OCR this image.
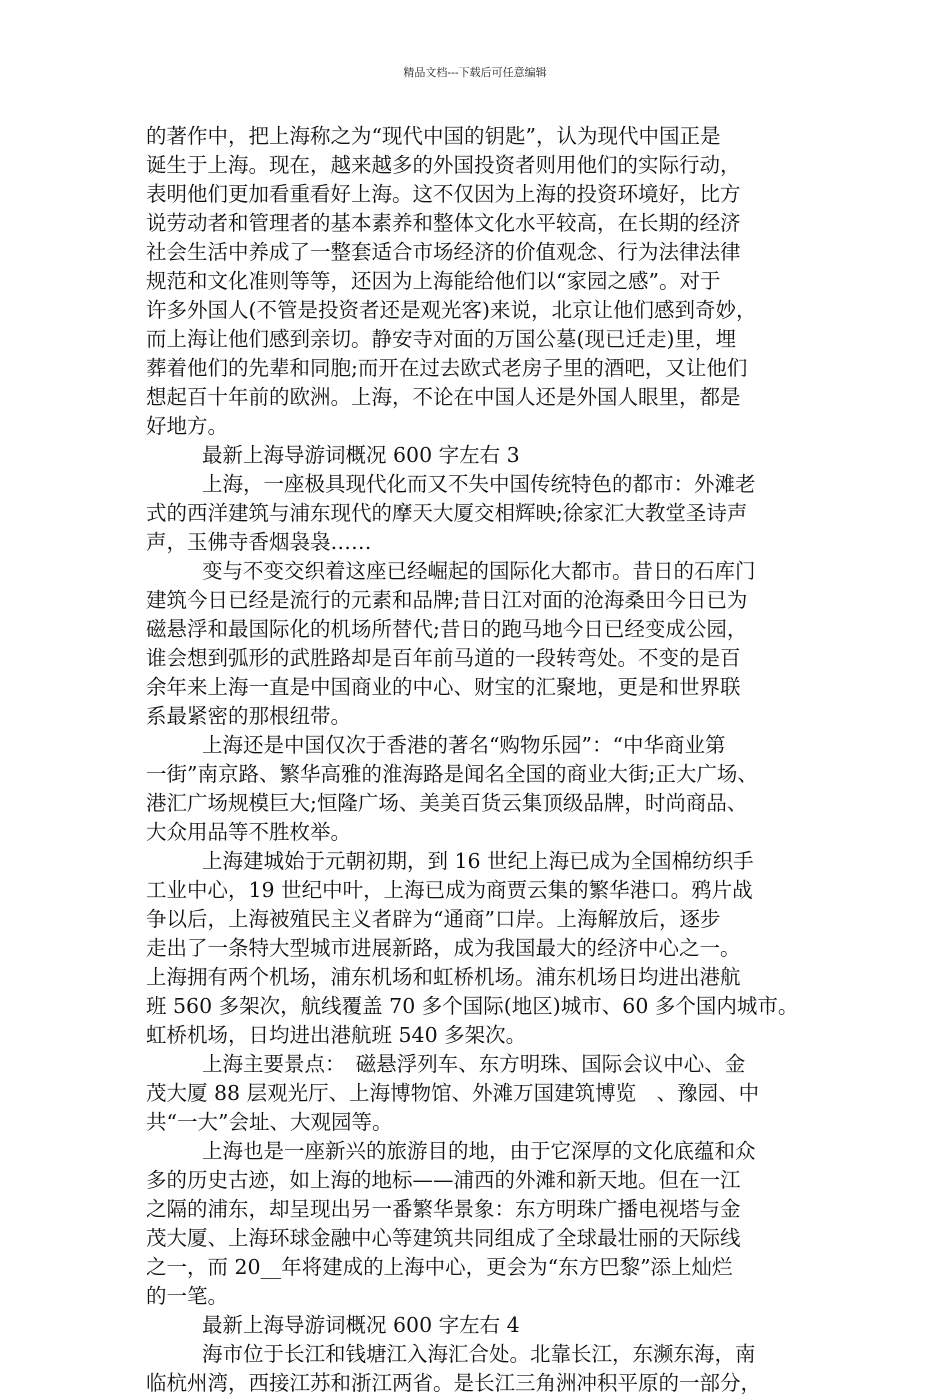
精品文档---下载后可任意编辑
的著作中，把上海称之为“现代中国的钥匙”，认为现代中国正是
诞生于上海。现在，越来越多的外国投资者则用他们的实际行动，
表明他们更加看重看好上海。这不仅因为上海的投资环境好，比方
说劳动者和管理者的基本素养和整体文化水平较高，在长期的经济
社会生活中养成了一整套适合市场经济的价值观念、行为法律法律
规范和文化准则等等，还因为上海能给他们以“家园之感”。对于
许多外国人(不管是投资者还是观光客)来说，北京让他们感到奇妙，
而上海让他们感到亲切。静安寺对面的万国公墓(现已迁走)里，埋
葬着他们的先辈和同胞;而开在过去欧式老房子里的酒吧，又让他们
想起百十年前的欧洲。上海，不论在中国人还是外国人眼里，都是
好地方。
最新上海导游词概况 600 字左右 3
上海，一座极具现代化而又不失中国传统特色的都市：外滩老
式的西洋建筑与浦东现代的摩天大厦交相辉映;徐家汇大教堂圣诗声
声，玉佛寺香烟袅袅……
变与不变交织着这座已经崛起的国际化大都市。昔日的石库门
建筑今日已经是流行的元素和品牌;昔日江对面的沧海桑田今日已为
磁悬浮和最国际化的机场所替代;昔日的跑马地今日已经变成公园，
谁会想到弧形的武胜路却是百年前马道的一段转弯处。不变的是百
余年来上海一直是中国商业的中心、财宝的汇聚地，更是和世界联
系最紧密的那根纽带。
上海还是中国仅次于香港的著名“购物乐园”：“中华商业第
一街”南京路、繁华高雅的淮海路是闻名全国的商业大街;正大广场、
港汇广场规模巨大;恒隆广场、美美百货云集顶级品牌，时尚商品、
大众用品等不胜枚举。
上海建城始于元朝初期，到 16 世纪上海已成为全国棉纺织手
工业中心，19 世纪中叶，上海已成为商贾云集的繁华港口。鸦片战
争以后，上海被殖民主义者辟为“通商”口岸。上海解放后，逐步
走出了一条特大型城市进展新路，成为我国最大的经济中心之一。
上海拥有两个机场，浦东机场和虹桥机场。浦东机场日均进出港航
班 560 多架次，航线覆盖 70 多个国际(地区)城市、60 多个国内城市。
虹桥机场，日均进出港航班 540 多架次。
上海主要景点：　磁悬浮列车、东方明珠、国际会议中心、金
茂大厦 88 层观光厅、上海博物馆、外滩万国建筑博览　、豫园、中
共“一大”会址、大观园等。
上海也是一座新兴的旅游目的地，由于它深厚的文化底蕴和众
多的历史古迹，如上海的地标——浦西的外滩和新天地。但在一江
之隔的浦东，却呈现出另一番繁华景象：东方明珠广播电视塔与金
茂大厦、上海环球金融中心等建筑共同组成了全球最壮丽的天际线
之一，而 20__年将建成的上海中心，更会为“东方巴黎”添上灿烂
的一笔。
最新上海导游词概况 600 字左右 4
海市位于长江和钱塘江入海汇合处。北靠长江，东濒东海，南
临杭州湾，西接江苏和浙江两省。是长江三角洲冲积平原的一部分，
